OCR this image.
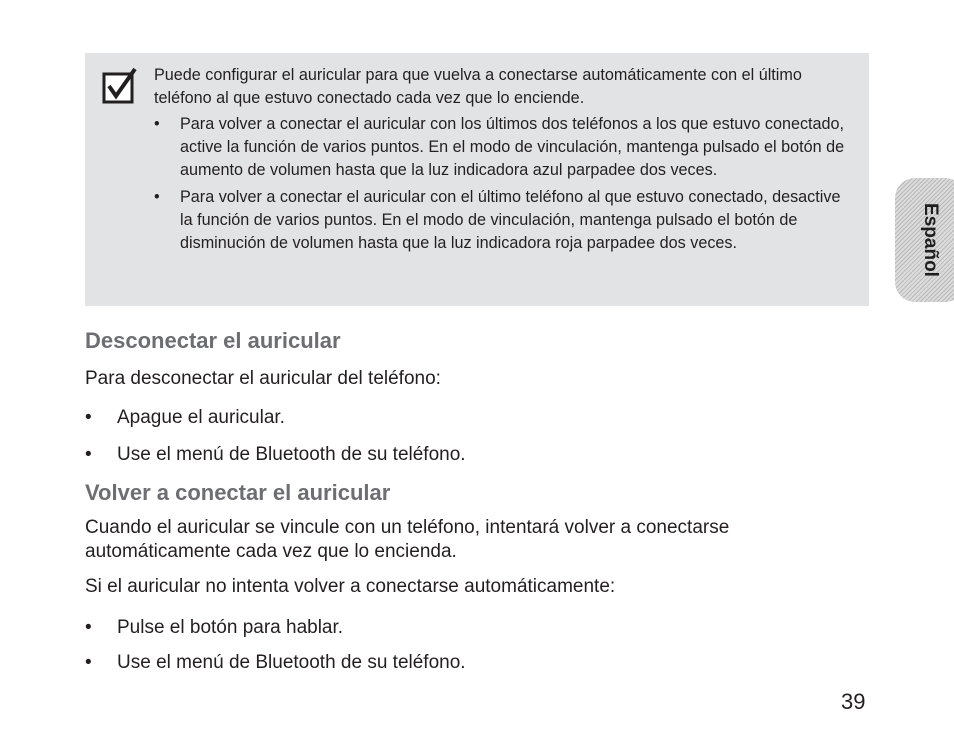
Puede configurar el auricular para que vuelva a conectarse automáticamente con el último teléfono al que estuvo conectado cada vez que lo enciende.

• Para volver a conectar el auricular con los últimos dos teléfonos a los que estuvo conectado, active la función de varios puntos. En el modo de vinculación, mantenga pulsado el botón de aumento de volumen hasta que la luz indicadora azul parpadee dos veces.
• Para volver a conectar el auricular con el último teléfono al que estuvo conectado, desactive la función de varios puntos. En el modo de vinculación, mantenga pulsado el botón de disminución de volumen hasta que la luz indicadora roja parpadee dos veces.	Español
Desconectar el auricular

Para desconectar el auricular del teléfono:

• Apague el auricular.
• Use el menú de Bluetooth de su teléfono.
Volver a conectar el auricular

Cuando el auricular se vincule con un teléfono, intentará volver a conectarse automáticamente cada vez que lo encienda.

Si el auricular no intenta volver a conectarse automáticamente:

• Pulse el botón para hablar.
• Use el menú de Bluetooth de su teléfono.
39
